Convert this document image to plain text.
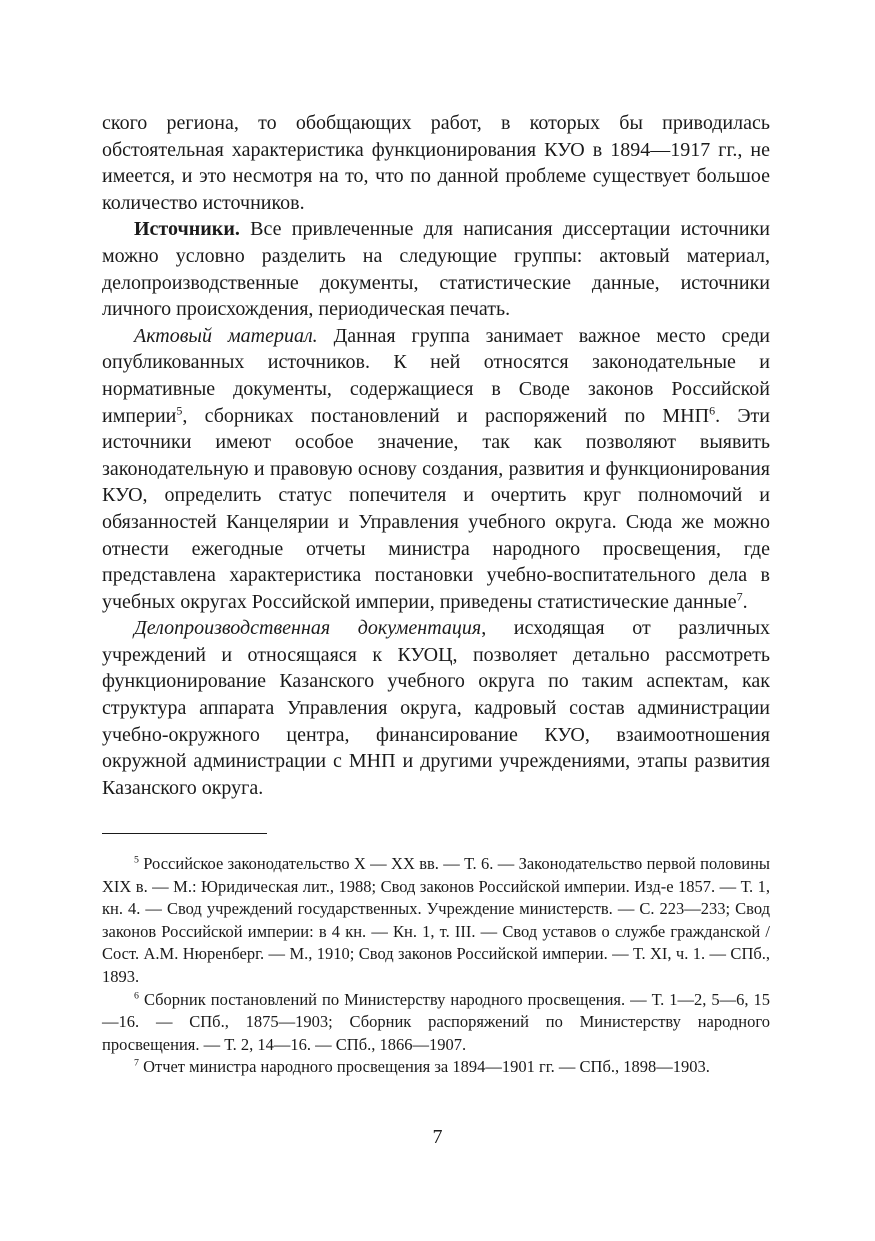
ского региона, то обобщающих работ, в которых бы приводилась обстоятельная характеристика функционирования КУО в 1894—1917 гг., не имеется, и это несмотря на то, что по данной проблеме существует большое количество источников.

Источники. Все привлеченные для написания диссертации источники можно условно разделить на следующие группы: актовый материал, делопроизводственные документы, статистические данные, источники личного происхождения, периодическая печать.

Актовый материал. Данная группа занимает важное место среди опубликованных источников. К ней относятся законодательные и нормативные документы, содержащиеся в Своде законов Российской империи$^5$, сборниках постановлений и распоряжений по МНП$^6$. Эти источники имеют особое значение, так как позволяют выявить законодательную и правовую основу создания, развития и функционирования КУО, определить статус попечителя и очертить круг полномочий и обязанностей Канцелярии и Управления учебного округа. Сюда же можно отнести ежегодные отчеты министра народного просвещения, где представлена характеристика постановки учебно-воспитательного дела в учебных округах Российской империи, приведены статистические данные$^7$.

Делопроизводственная документация, исходящая от различных учреждений и относящаяся к КУОЦ, позволяет детально рассмотреть функционирование Казанского учебного округа по таким аспектам, как структура аппарата Управления округа, кадровый состав администрации учебно-окружного центра, финансирование КУО, взаимоотношения окружной администрации с МНП и другими учреждениями, этапы развития Казанского округа.

$^5$ Российское законодательство X — XX вв. — Т. 6. — Законодательство первой половины XIX в. — М.: Юридическая лит., 1988; Свод законов Российской империи. Изд-е 1857. — Т. 1, кн. 4. — Свод учреждений государственных. Учреждение министерств. — С. 223—233; Свод законов Российской империи: в 4 кн. — Кн. 1, т. III. — Свод уставов о службе гражданской / Сост. А.М. Нюренберг. — М., 1910; Свод законов Российской империи. — Т. XI, ч. 1. — СПб., 1893.

$^6$ Сборник постановлений по Министерству народного просвещения. — Т. 1—2, 5—6, 15—16. — СПб., 1875—1903; Сборник распоряжений по Министерству народного просвещения. — Т. 2, 14—16. — СПб., 1866—1907.

$^7$ Отчет министра народного просвещения за 1894—1901 гг. — СПб., 1898—1903.

7
